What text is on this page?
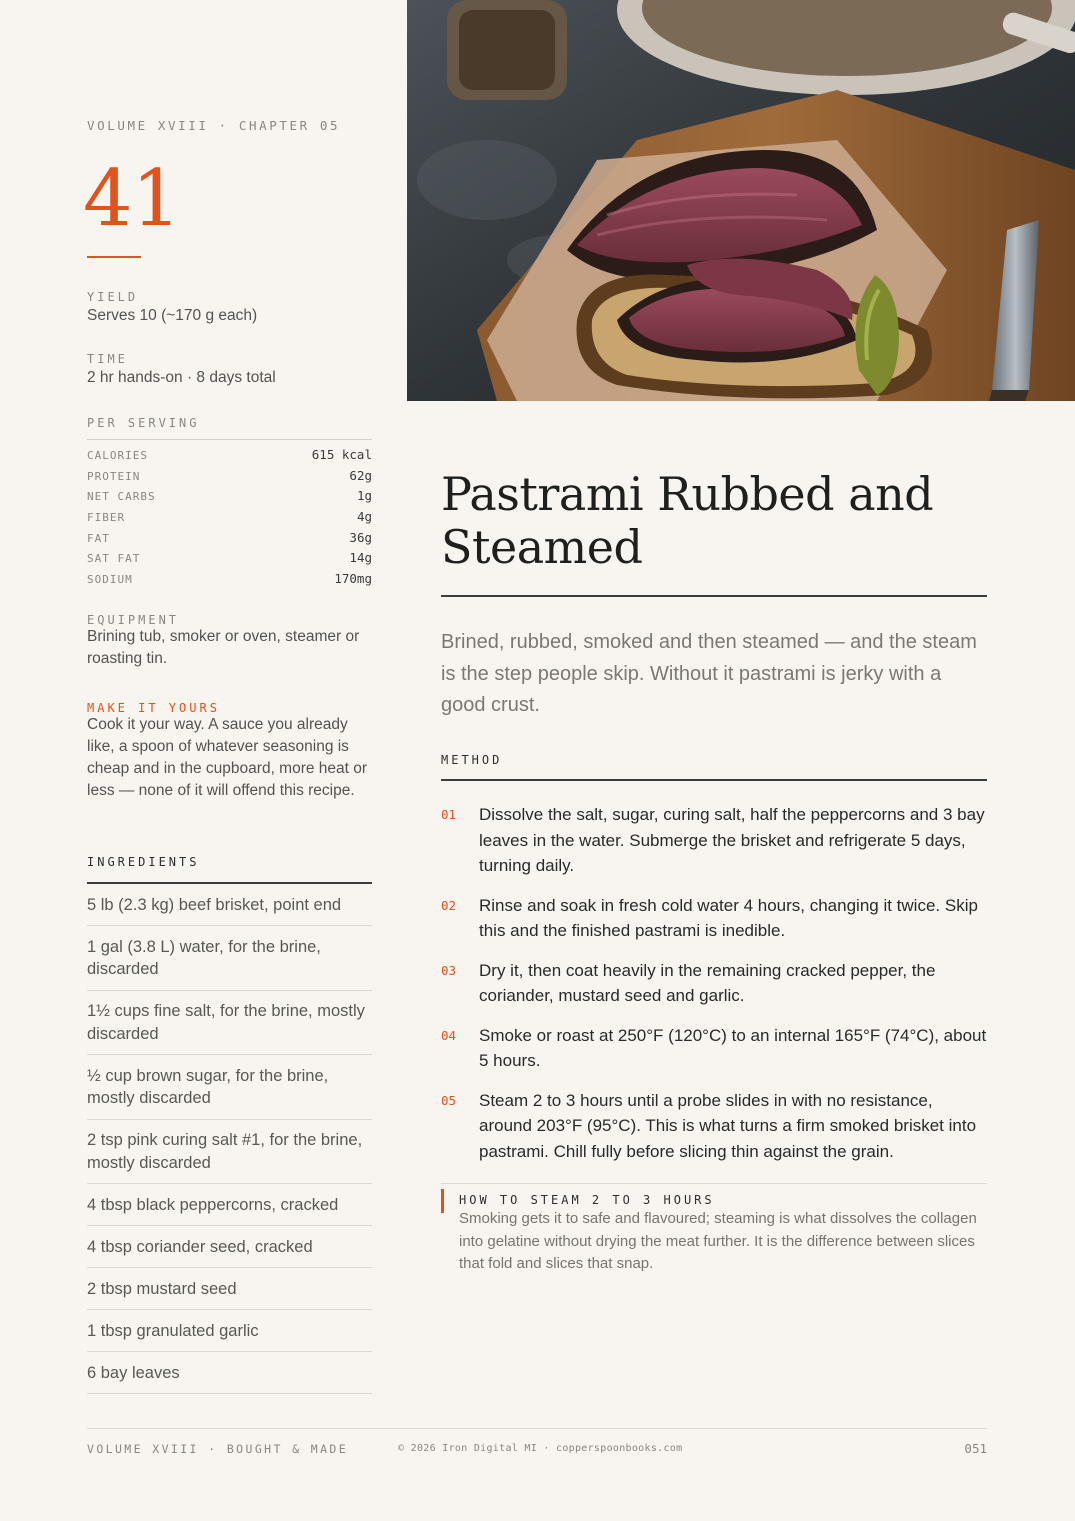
VOLUME XVIII · CHAPTER 05
41
YIELD
Serves 10 (~170 g each)
TIME
2 hr hands-on · 8 days total
PER SERVING
CALORIES	615 kcal
PROTEIN	62g
NET CARBS	1g
FIBER	4g
FAT	36g
SAT FAT	14g
SODIUM	170mg
EQUIPMENT
Brining tub, smoker or oven, steamer or roasting tin.
MAKE IT YOURS
Cook it your way. A sauce you already like, a spoon of whatever seasoning is cheap and in the cupboard, more heat or less — none of it will offend this recipe.
INGREDIENTS
5 lb (2.3 kg) beef brisket, point end
1 gal (3.8 L) water, for the brine, discarded
1½ cups fine salt, for the brine, mostly discarded
½ cup brown sugar, for the brine, mostly discarded
2 tsp pink curing salt #1, for the brine, mostly discarded
4 tbsp black peppercorns, cracked
4 tbsp coriander seed, cracked
2 tbsp mustard seed
1 tbsp granulated garlic
6 bay leaves
Pastrami Rubbed and Steamed

Brined, rubbed, smoked and then steamed — and the steam is the step people skip. Without it pastrami is jerky with a good crust.

METHOD
01	Dissolve the salt, sugar, curing salt, half the peppercorns and 3 bay leaves in the water. Submerge the brisket and refrigerate 5 days, turning daily.
02	Rinse and soak in fresh cold water 4 hours, changing it twice. Skip this and the finished pastrami is inedible.
03	Dry it, then coat heavily in the remaining cracked pepper, the coriander, mustard seed and garlic.
04	Smoke or roast at 250°F (120°C) to an internal 165°F (74°C), about 5 hours.
05	Steam 2 to 3 hours until a probe slides in with no resistance, around 203°F (95°C). This is what turns a firm smoked brisket into pastrami. Chill fully before slicing thin against the grain.
HOW TO STEAM 2 TO 3 HOURS
Smoking gets it to safe and flavoured; steaming is what dissolves the collagen into gelatine without drying the meat further. It is the difference between slices that fold and slices that snap.
VOLUME XVIII · BOUGHT & MADE	© 2026 Iron Digital MI · copperspoonbooks.com	051
